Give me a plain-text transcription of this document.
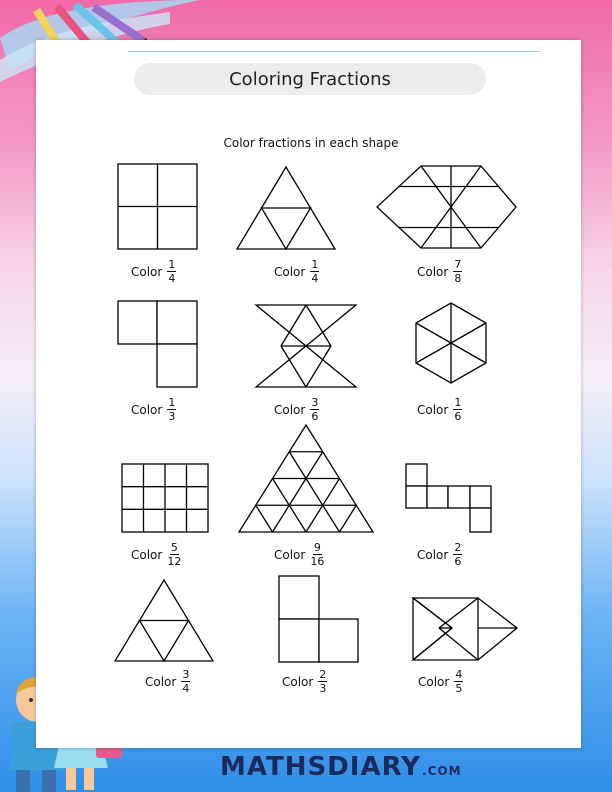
Coloring Fractions
Color fractions in each shape
Color $\frac{1}{4}$	Color $\frac{1}{4}$	Color $\frac{7}{8}$
Color $\frac{1}{3}$	Color $\frac{3}{6}$	Color $\frac{1}{6}$
Color $\frac{5}{12}$	Color $\frac{9}{16}$	Color $\frac{2}{6}$
Color $\frac{3}{4}$	Color $\frac{2}{3}$	Color $\frac{4}{5}$
MATHSDIARY .COM
